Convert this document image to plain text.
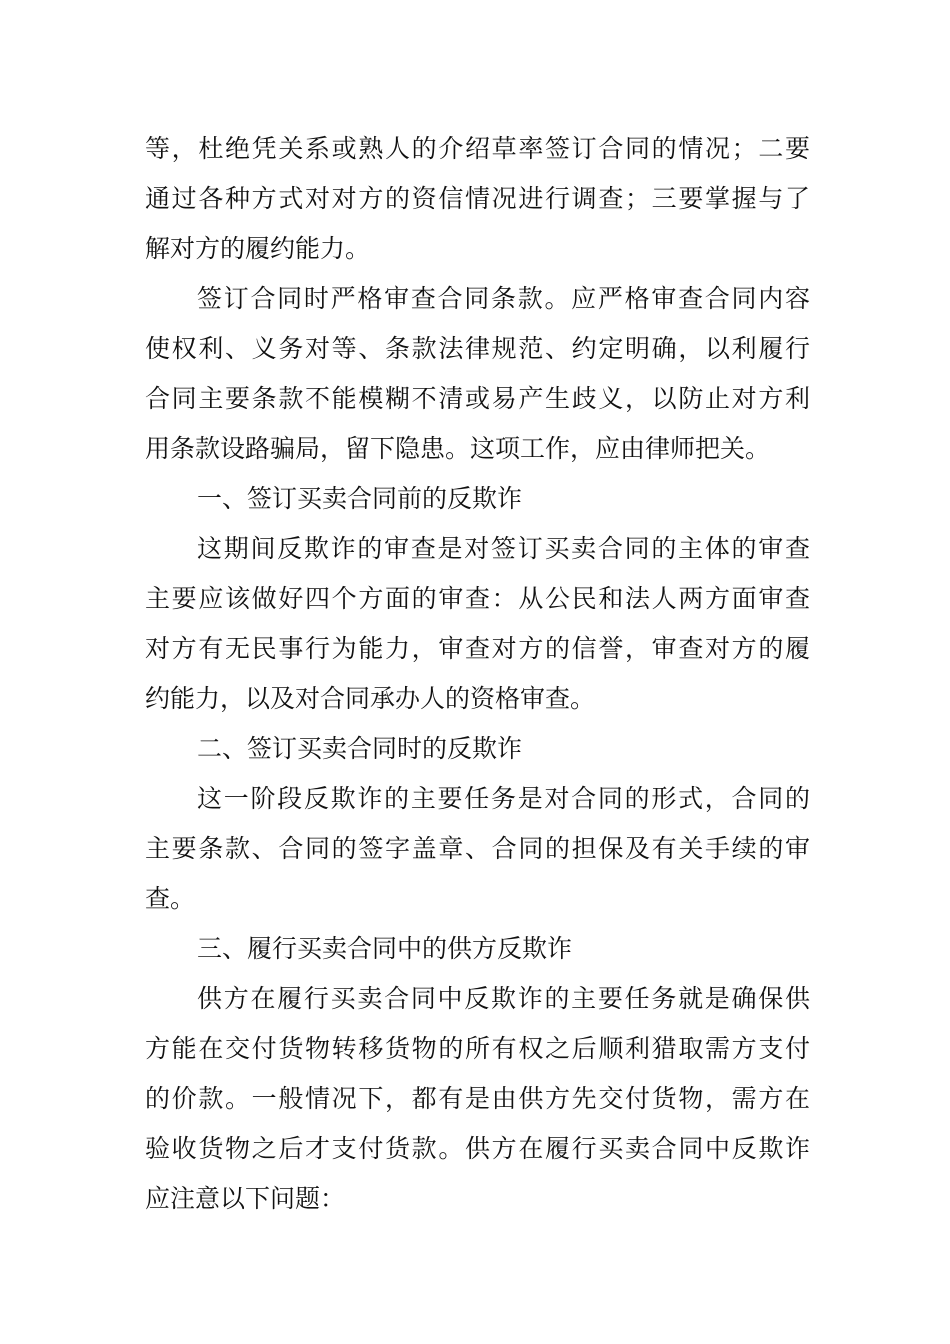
等，杜绝凭关系或熟人的介绍草率签订合同的情况；二要
通过各种方式对对方的资信情况进行调查；三要掌握与了
解对方的履约能力。
签订合同时严格审查合同条款。应严格审查合同内容
使权利、义务对等、条款法律规范、约定明确，以利履行
合同主要条款不能模糊不清或易产生歧义，以防止对方利
用条款设路骗局，留下隐患。这项工作，应由律师把关。
一、签订买卖合同前的反欺诈
这期间反欺诈的审查是对签订买卖合同的主体的审查
主要应该做好四个方面的审查：从公民和法人两方面审查
对方有无民事行为能力，审查对方的信誉，审查对方的履
约能力，以及对合同承办人的资格审查。
二、签订买卖合同时的反欺诈
这一阶段反欺诈的主要任务是对合同的形式，合同的
主要条款、合同的签字盖章、合同的担保及有关手续的审
查。
三、履行买卖合同中的供方反欺诈
供方在履行买卖合同中反欺诈的主要任务就是确保供
方能在交付货物转移货物的所有权之后顺利猎取需方支付
的价款。一般情况下，都有是由供方先交付货物，需方在
验收货物之后才支付货款。供方在履行买卖合同中反欺诈
应注意以下问题：
